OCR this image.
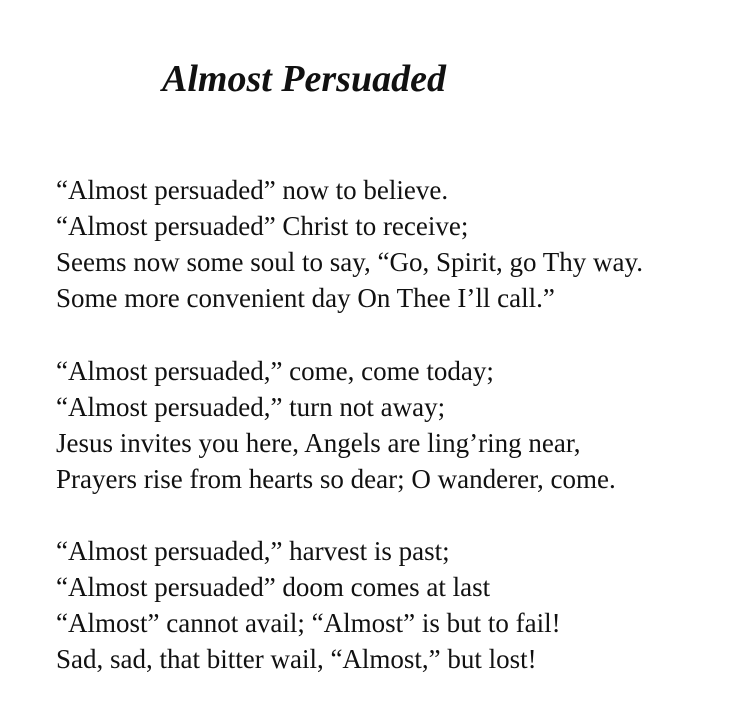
Almost Persuaded
“Almost persuaded” now to believe.
“Almost persuaded” Christ to receive;
Seems now some soul to say, “Go, Spirit, go Thy way.
Some more convenient day On Thee I’ll call.”
“Almost persuaded,” come, come today;
“Almost persuaded,” turn not away;
Jesus invites you here, Angels are ling’ring near,
Prayers rise from hearts so dear; O wanderer, come.
“Almost persuaded,” harvest is past;
“Almost persuaded” doom comes at last
“Almost” cannot avail; “Almost” is but to fail!
Sad, sad, that bitter wail, “Almost,” but lost!
